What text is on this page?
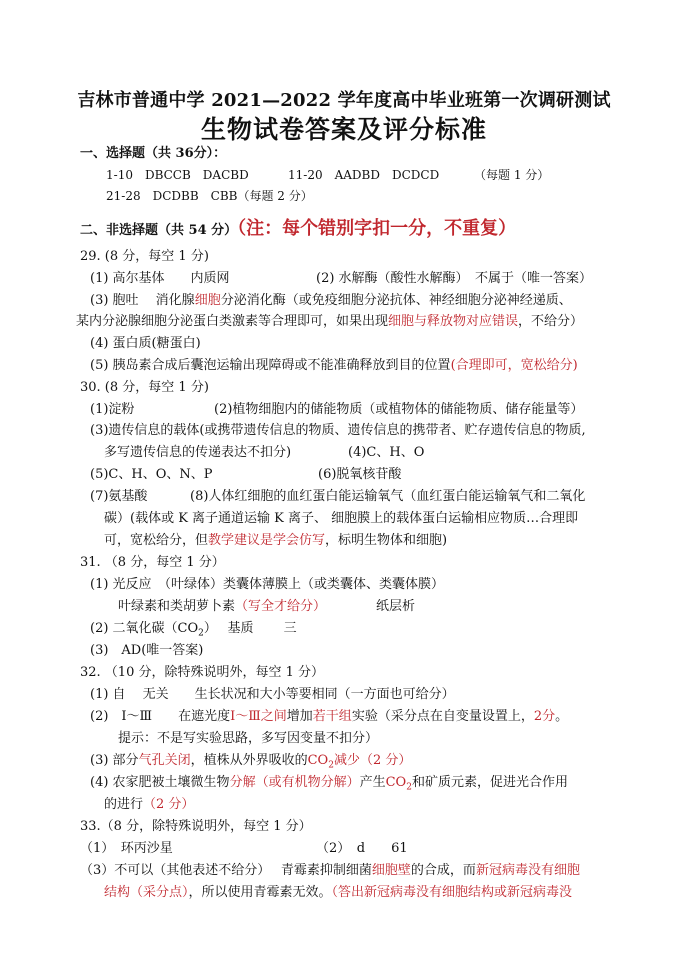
吉林市普通中学 2021—2022 学年度高中毕业班第一次调研测试
生物试卷答案及评分标准
一、选择题（共 36分）：
1-10　DBCCB　DACBD	11-20　AADBD　DCDCD	（每题 1 分）
21-28　DCDBB　CBB（每题 2 分）
二、非选择题（共 54 分）（注：每个错别字扣一分，不重复）
29. (8 分，每空 1 分)
(1) 高尔基体　　内质网	(2) 水解酶（酸性水解酶）　不属于（唯一答案）
(3) 胞吐　 消化腺细胞分泌消化酶（或免疫细胞分泌抗体、神经细胞分泌神经递质、
某内分泌腺细胞分泌蛋白类激素等合理即可，如果出现细胞与释放物对应错误，不给分）
(4) 蛋白质(糖蛋白)
(5) 胰岛素合成后囊泡运输出现障碍或不能准确释放到目的位置(合理即可，宽松给分)
30. (8 分，每空 1 分)
(1)淀粉	(2)植物细胞内的储能物质（或植物体的储能物质、储存能量等）
(3)遗传信息的载体(或携带遗传信息的物质、遗传信息的携带者、贮存遗传信息的物质,
多写遗传信息的传递表达不扣分)	(4)C、H、O
(5)C、H、O、N、P	(6)脱氧核苷酸
(7)氨基酸	(8)人体红细胞的血红蛋白能运输氧气（血红蛋白能运输氧气和二氧化
碳）(载体或 K 离子通道运输 K 离子、 细胞膜上的载体蛋白运输相应物质…合理即
可，宽松给分，但教学建议是学会仿写，标明生物体和细胞)
31. （8 分，每空 1 分）
(1) 光反应　（叶绿体）类囊体薄膜上（或类囊体、类囊体膜）
叶绿素和类胡萝卜素（写全才给分）	纸层析
(2) 二氧化碳$(CO_2)$　 基质　　 三
(3)　AD(唯一答案)
32. （10 分，除特殊说明外，每空 1 分）
(1) 自　 无关　　生长状况和大小等要相同（一方面也可给分）
(2)　Ⅰ～Ⅲ　　在遮光度Ⅰ～Ⅲ之间增加若干组实验（采分点在自变量设置上，2分。
提示：不是写实验思路，多写因变量不扣分）
(3) 部分气孔关闭，植株从外界吸收的$CO_2$减少（2 分）
(4) 农家肥被土壤微生物分解（或有机物分解）产生$CO_2$和矿质元素，促进光合作用
的进行（2 分）
33.（8 分，除特殊说明外，每空 1 分）
（1）　环丙沙星	（2）　d　　61
（3）不可以（其他表述不给分）　 青霉素抑制细菌细胞壁的合成，而新冠病毒没有细胞
结构（采分点），所以使用青霉素无效。（答出新冠病毒没有细胞结构或新冠病毒没
